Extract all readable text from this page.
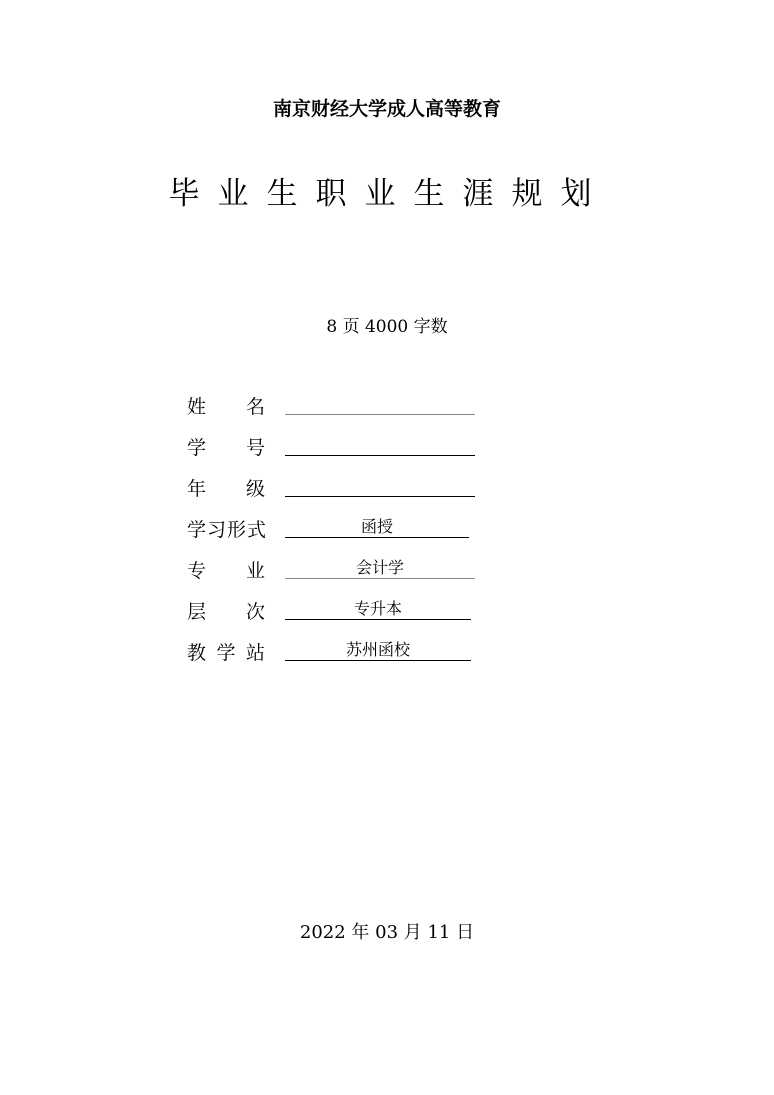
南京财经大学成人高等教育
毕业生职业生涯规划
8 页 4000 字数
姓 名
学 号
年 级
学习形式	函授
专 业	会计学
层 次	专升本
教 学 站	苏州函校
2022 年 03 月 11 日
